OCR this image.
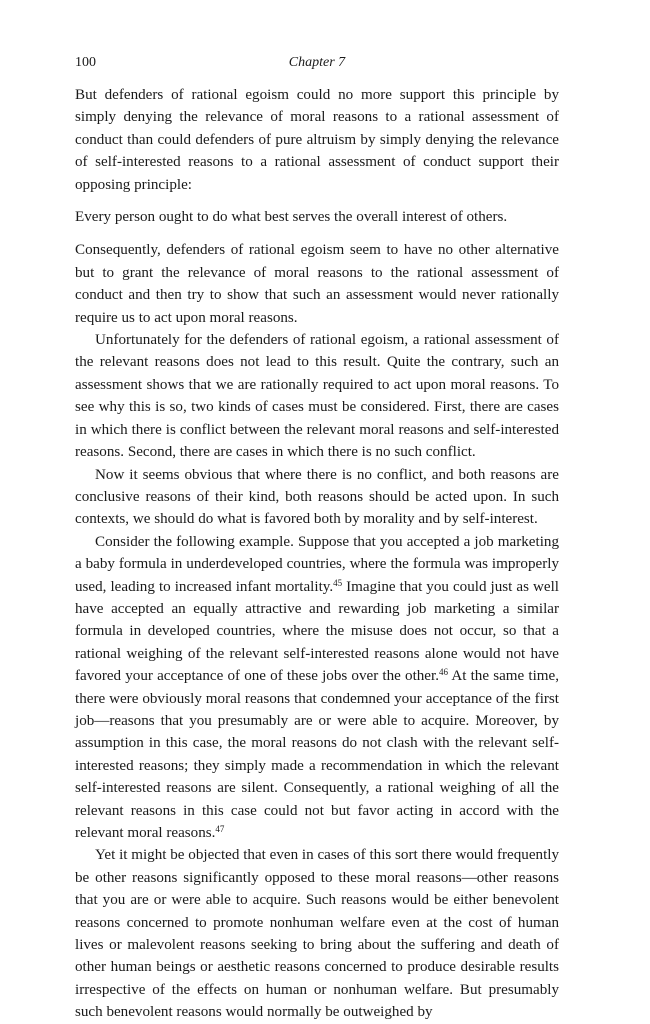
100	Chapter 7

But defenders of rational egoism could no more support this principle by simply denying the relevance of moral reasons to a rational assessment of conduct than could defenders of pure altruism by simply denying the relevance of self-interested reasons to a rational assessment of conduct support their opposing principle:

Every person ought to do what best serves the overall interest of others.

Consequently, defenders of rational egoism seem to have no other alternative but to grant the relevance of moral reasons to the rational assessment of conduct and then try to show that such an assessment would never rationally require us to act upon moral reasons.

Unfortunately for the defenders of rational egoism, a rational assessment of the relevant reasons does not lead to this result. Quite the contrary, such an assessment shows that we are rationally required to act upon moral reasons. To see why this is so, two kinds of cases must be considered. First, there are cases in which there is conflict between the relevant moral reasons and self-interested reasons. Second, there are cases in which there is no such conflict.

Now it seems obvious that where there is no conflict, and both reasons are conclusive reasons of their kind, both reasons should be acted upon. In such contexts, we should do what is favored both by morality and by self-interest.

Consider the following example. Suppose that you accepted a job marketing a baby formula in underdeveloped countries, where the formula was improperly used, leading to increased infant mortality.$^{45}$ Imagine that you could just as well have accepted an equally attractive and rewarding job marketing a similar formula in developed countries, where the misuse does not occur, so that a rational weighing of the relevant self-interested reasons alone would not have favored your acceptance of one of these jobs over the other.$^{46}$ At the same time, there were obviously moral reasons that condemned your acceptance of the first job—reasons that you presumably are or were able to acquire. Moreover, by assumption in this case, the moral reasons do not clash with the relevant self-interested reasons; they simply made a recommendation in which the relevant self-interested reasons are silent. Consequently, a rational weighing of all the relevant reasons in this case could not but favor acting in accord with the relevant moral reasons.$^{47}$

Yet it might be objected that even in cases of this sort there would frequently be other reasons significantly opposed to these moral reasons—other reasons that you are or were able to acquire. Such reasons would be either benevolent reasons concerned to promote nonhuman welfare even at the cost of human lives or malevolent reasons seeking to bring about the suffering and death of other human beings or aesthetic reasons concerned to produce desirable results irrespective of the effects on human or nonhuman welfare. But presumably such benevolent reasons would normally be outweighed by
